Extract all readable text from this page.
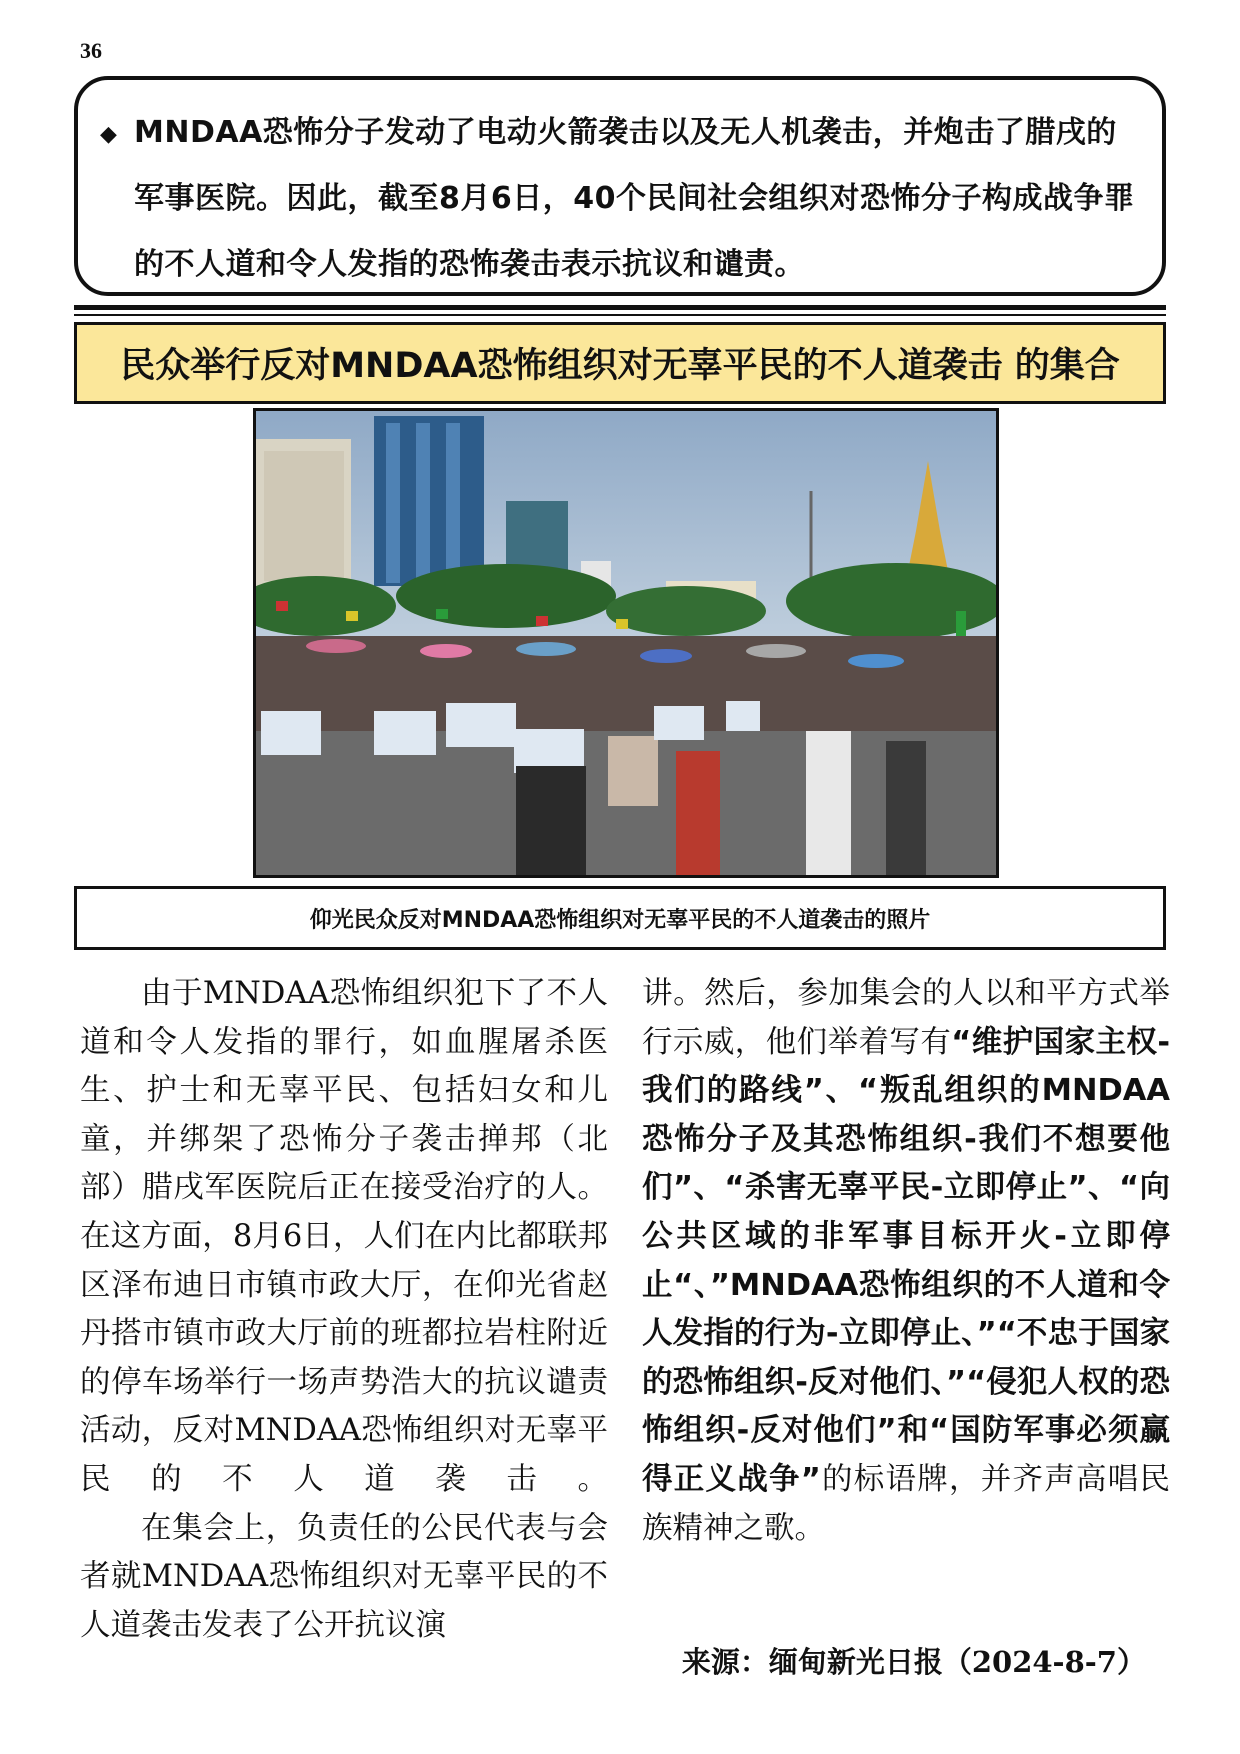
36
◆ MNDAA恐怖分子发动了电动火箭袭击以及无人机袭击，并炮击了腊戌的军事医院。因此，截至8月6日，40个民间社会组织对恐怖分子构成战争罪的不人道和令人发指的恐怖袭击表示抗议和谴责。
民众举行反对MNDAA恐怖组织对无辜平民的不人道袭击 的集合
仰光民众反对MNDAA恐怖组织对无辜平民的不人道袭击的照片

由于MNDAA恐怖组织犯下了不人道和令人发指的罪行，如血腥屠杀医生、护士和无辜平民、包括妇女和儿童，并绑架了恐怖分子袭击掸邦（北部）腊戌军医院后正在接受治疗的人。在这方面，8月6日，人们在内比都联邦区泽布迪日市镇市政大厅，在仰光省赵丹搭市镇市政大厅前的班都拉岩柱附近的停车场举行一场声势浩大的抗议谴责活动，反对MNDAA恐怖组织对无辜平民的不人道袭击。

在集会上，负责任的公民代表与会者就MNDAA恐怖组织对无辜平民的不人道袭击发表了公开抗议演

讲。然后，参加集会的人以和平方式举行示威，他们举着写有“维护国家主权-我们的路线”、“叛乱组织的MNDAA恐怖分子及其恐怖组织-我们不想要他们”、“杀害无辜平民-立即停止”、“向公共区域的非军事目标开火-立即停止“、”MNDAA恐怖组织的不人道和令人发指的行为-立即停止、”“不忠于国家的恐怖组织-反对他们、”“侵犯人权的恐怖组织-反对他们”和“国防军事必须赢得正义战争”的标语牌，并齐声高唱民族精神之歌。

来源：缅甸新光日报（2024-8-7）
